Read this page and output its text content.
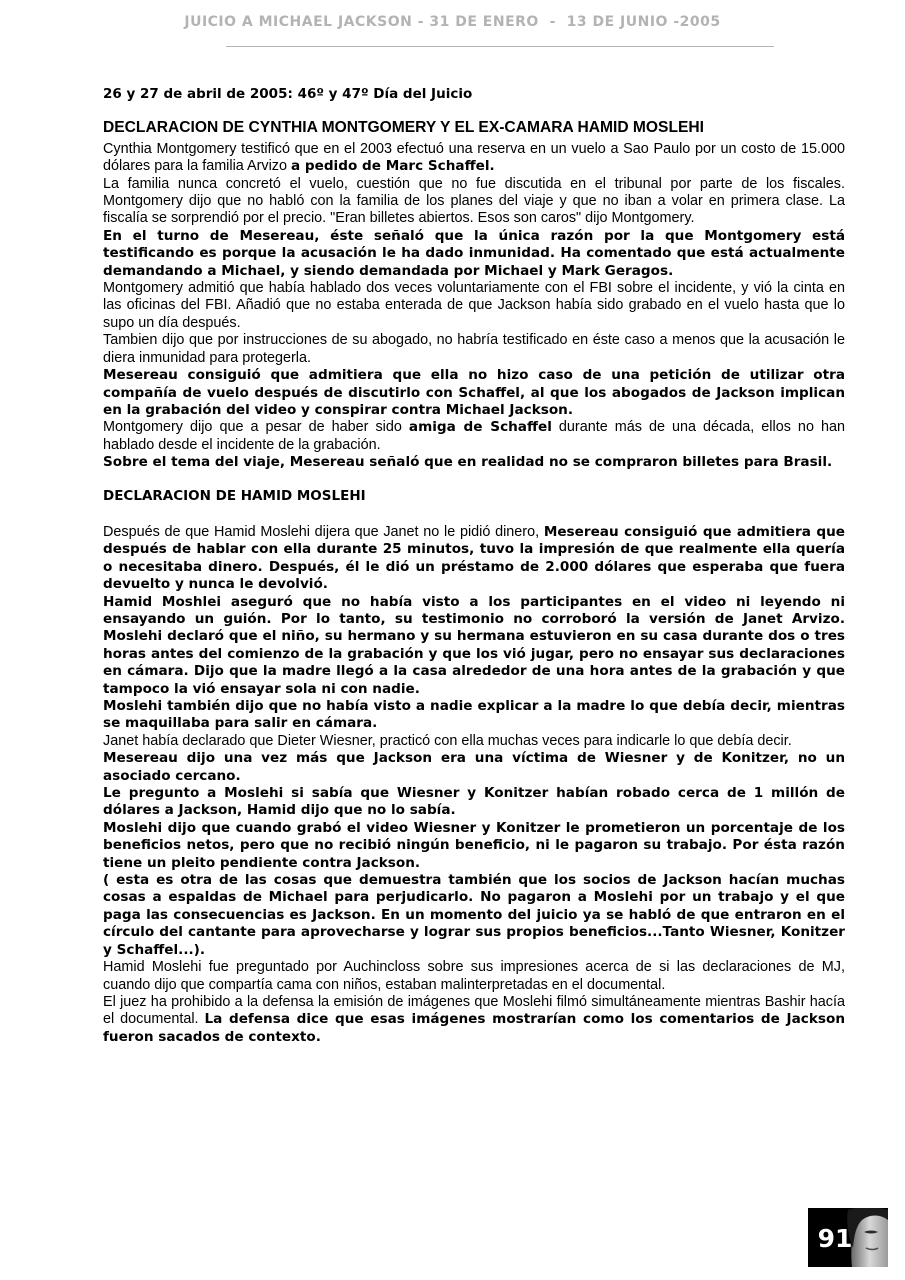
JUICIO A MICHAEL JACKSON - 31 DE ENERO  -  13 DE JUNIO -2005

26 y 27 de abril de 2005: 46º y 47º Día del Juicio

DECLARACION DE CYNTHIA MONTGOMERY Y EL EX-CAMARA HAMID MOSLEHI

Cynthia Montgomery testificó que en el 2003 efectuó una reserva en un vuelo a Sao Paulo por un costo de 15.000 dólares para la familia Arvizo a pedido de Marc Schaffel.

La familia nunca concretó el vuelo, cuestión que no fue discutida en el tribunal por parte de los fiscales. Montgomery dijo que no habló con la familia de los planes del viaje y que no iban a volar en primera clase. La fiscalía se sorprendió por el precio. "Eran billetes abiertos. Esos son caros" dijo Montgomery.

En el turno de Mesereau, éste señaló que la única razón por la que Montgomery está testificando es porque la acusación le ha dado inmunidad. Ha comentado que está actualmente demandando a Michael, y siendo demandada por Michael y Mark Geragos.

Montgomery admitió que había hablado dos veces voluntariamente con el FBI sobre el incidente, y vió la cinta en las oficinas del FBI. Añadió que no estaba enterada de que Jackson había sido grabado en el vuelo hasta que lo supo un día después.

Tambien dijo que por instrucciones de su abogado, no habría testificado en éste caso a menos que la acusación le diera inmunidad para protegerla.

Mesereau consiguió que admitiera que ella no hizo caso de una petición de utilizar otra compañía de vuelo después de discutirlo con Schaffel, al que los abogados de Jackson implican en la grabación del video y conspirar contra Michael Jackson.

Montgomery dijo que a pesar de haber sido amiga de Schaffel durante más de una década, ellos no han hablado desde el incidente de la grabación.

Sobre el tema del viaje, Mesereau señaló que en realidad no se compraron billetes para Brasil.

DECLARACION DE HAMID MOSLEHI

Después de que Hamid Moslehi dijera que Janet no le pidió dinero, Mesereau consiguió que admitiera que después de hablar con ella durante 25 minutos, tuvo la impresión de que realmente ella quería o necesitaba dinero. Después, él le dió un préstamo de 2.000 dólares que esperaba que fuera devuelto y nunca le devolvió.

Hamid Moshlei aseguró que no había visto a los participantes en el video ni leyendo ni ensayando un guión. Por lo tanto, su testimonio no corroboró la versión de Janet Arvizo. Moslehi declaró que el niño, su hermano y su hermana estuvieron en su casa durante dos o tres horas antes del comienzo de la grabación y que los vió jugar, pero no ensayar sus declaraciones en cámara. Dijo que la madre llegó a la casa alrededor de una hora antes de la grabación y que tampoco la vió ensayar sola ni con nadie.

Moslehi también dijo que no había visto a nadie explicar a la madre lo que debía decir, mientras se maquillaba para salir en cámara.

Janet había declarado que Dieter Wiesner, practicó con ella muchas veces para indicarle lo que debía decir.

Mesereau dijo una vez más que Jackson era una víctima de Wiesner y de Konitzer, no un asociado cercano.

Le pregunto a Moslehi si sabía que Wiesner y Konitzer habían robado cerca de 1 millón de dólares a Jackson, Hamid dijo que no lo sabía.

Moslehi dijo que cuando grabó el video Wiesner y Konitzer le prometieron un porcentaje de los beneficios netos, pero que no recibió ningún beneficio, ni le pagaron su trabajo. Por ésta razón tiene un pleito pendiente contra Jackson.

( esta es otra de las cosas que demuestra también que los socios de Jackson hacían muchas cosas a espaldas de Michael para perjudicarlo. No pagaron a Moslehi por un trabajo y el que paga las consecuencias es Jackson. En un momento del juicio ya se habló de que entraron en el círculo del cantante para aprovecharse y lograr sus propios beneficios...Tanto Wiesner, Konitzer y Schaffel...).

Hamid Moslehi fue preguntado por Auchincloss sobre sus impresiones acerca de si las declaraciones de MJ, cuando dijo que compartía cama con niños, estaban malinterpretadas en el documental.

El juez ha prohibido a la defensa la emisión de imágenes que Moslehi filmó simultáneamente mientras Bashir hacía el documental. La defensa dice que esas imágenes mostrarían como los comentarios de Jackson fueron sacados de contexto.

91
